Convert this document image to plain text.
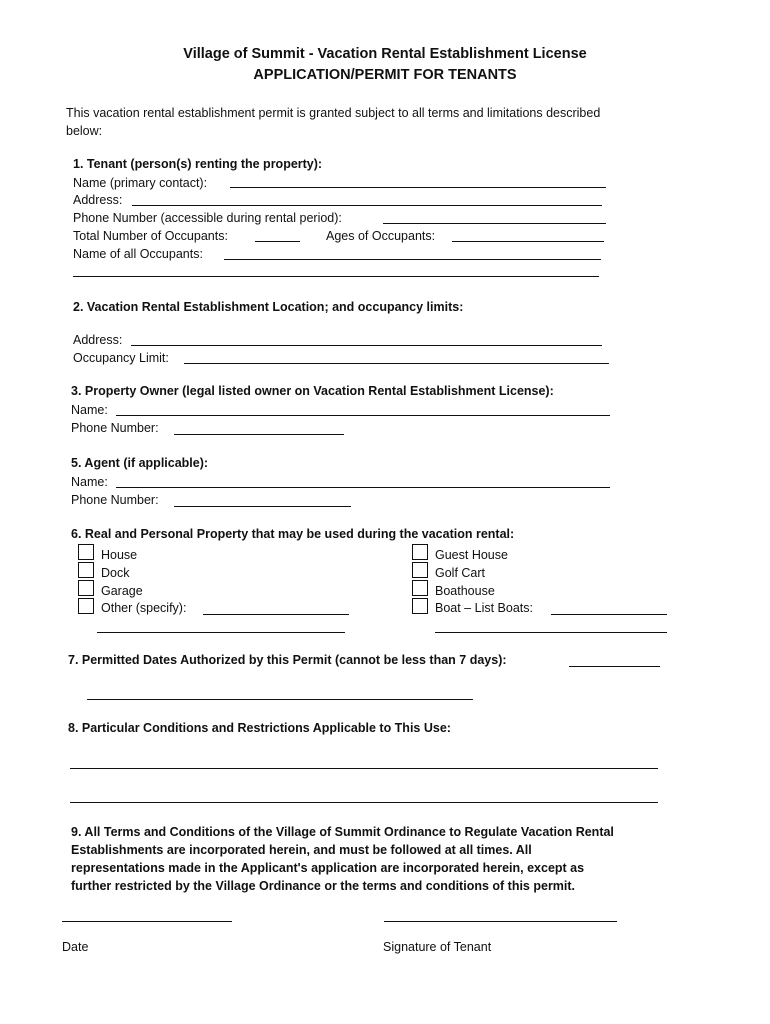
Village of Summit - Vacation Rental Establishment License
APPLICATION/PERMIT FOR TENANTS
This vacation rental establishment permit is granted subject to all terms and limitations described
below:
1. Tenant (person(s) renting the property):
Name (primary contact):
Address:
Phone Number (accessible during rental period):
Total Number of Occupants:	Ages of Occupants:
Name of all Occupants:
2. Vacation Rental Establishment Location; and occupancy limits:
Address:
Occupancy Limit:
3. Property Owner (legal listed owner on Vacation Rental Establishment License):
Name:
Phone Number:
5. Agent (if applicable):
Name:
Phone Number:
6. Real and Personal Property that may be used during the vacation rental:
House
Dock
Garage
Other (specify):
Guest House
Golf Cart
Boathouse
Boat – List Boats:
7. Permitted Dates Authorized by this Permit (cannot be less than 7 days):
8. Particular Conditions and Restrictions Applicable to This Use:
9. All Terms and Conditions of the Village of Summit Ordinance to Regulate Vacation Rental
Establishments are incorporated herein, and must be followed at all times. All
representations made in the Applicant's application are incorporated herein, except as
further restricted by the Village Ordinance or the terms and conditions of this permit.
Date	Signature of Tenant
